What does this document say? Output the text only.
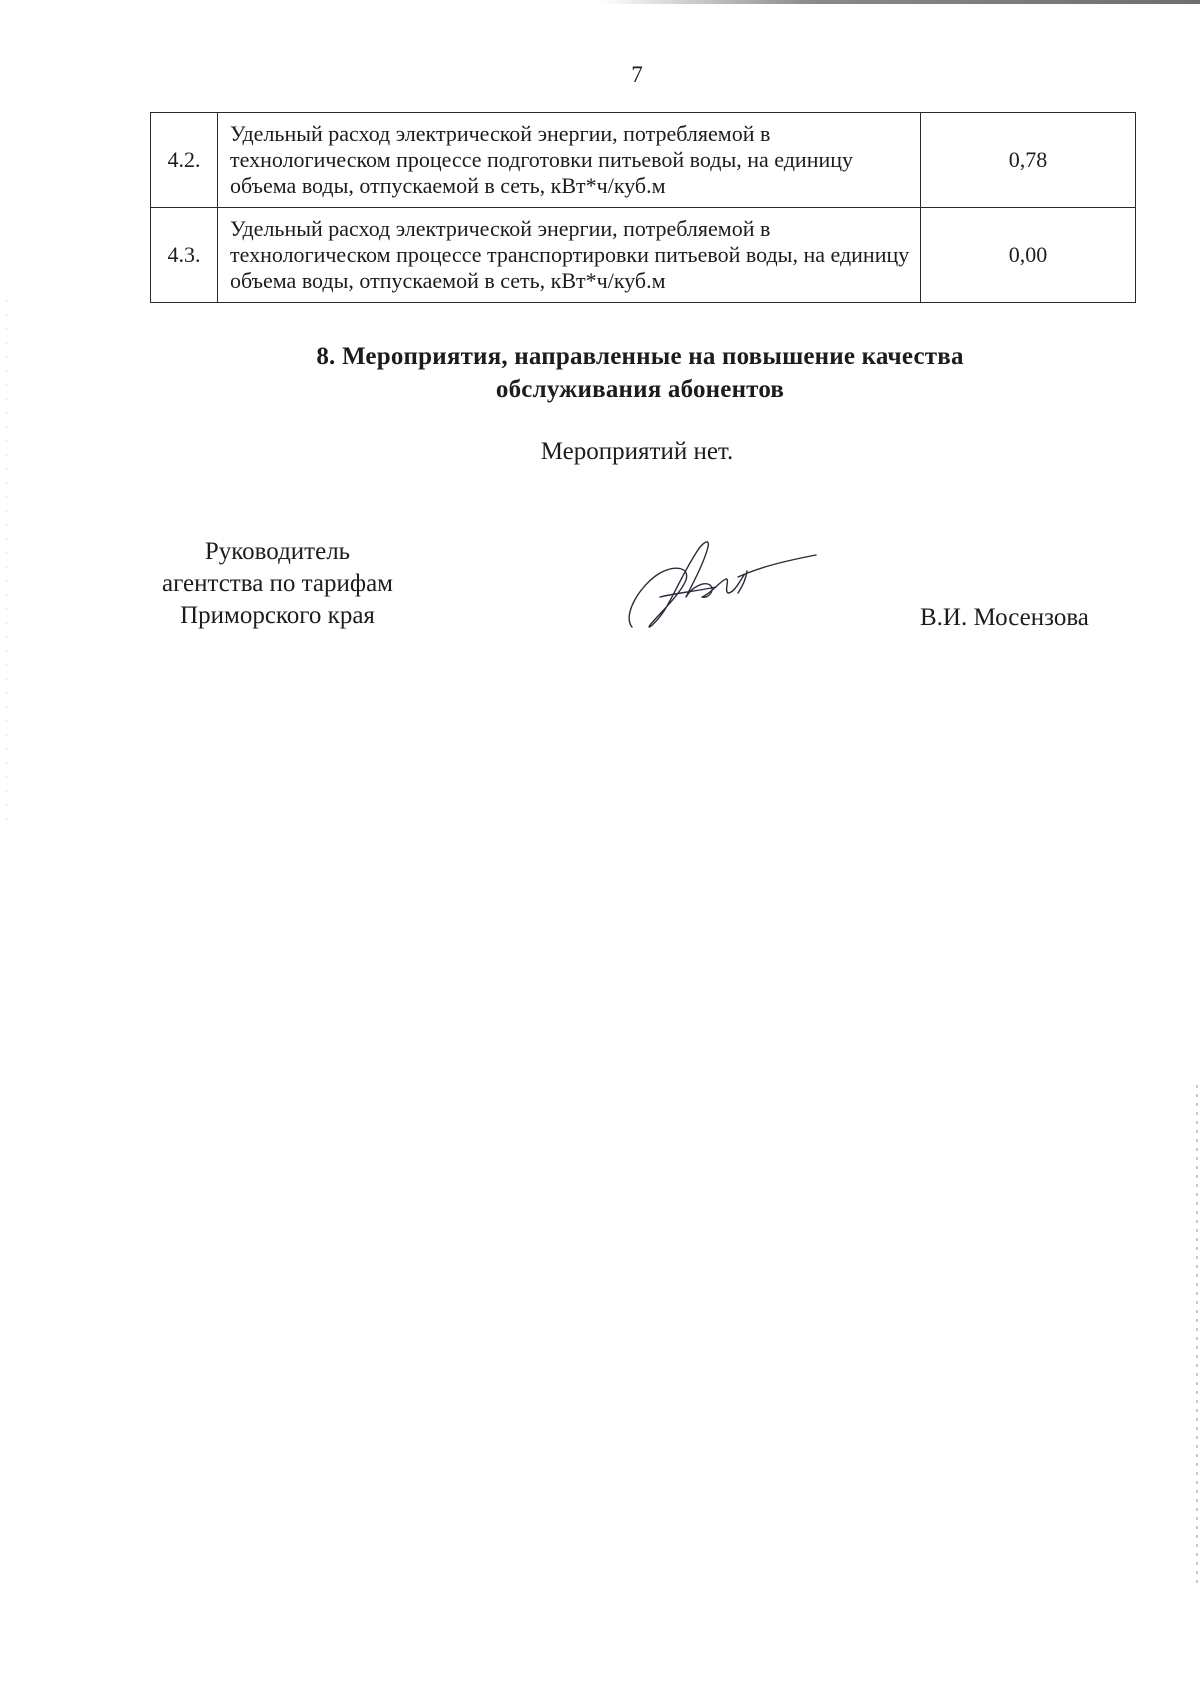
7
4.2.	Удельный расход электрической энергии, потребляемой в технологическом процессе подготовки питьевой воды, на единицу объема воды, отпускаемой в сеть, кВт*ч/куб.м	0,78
4.3.	Удельный расход электрической энергии, потребляемой в технологическом процессе транспортировки питьевой воды, на единицу объема воды, отпускаемой в сеть, кВт*ч/куб.м	0,00
8. Мероприятия, направленные на повышение качества обслуживания абонентов
Мероприятий нет.
Руководитель
агентства по тарифам
Приморского края	В.И. Мосензова
